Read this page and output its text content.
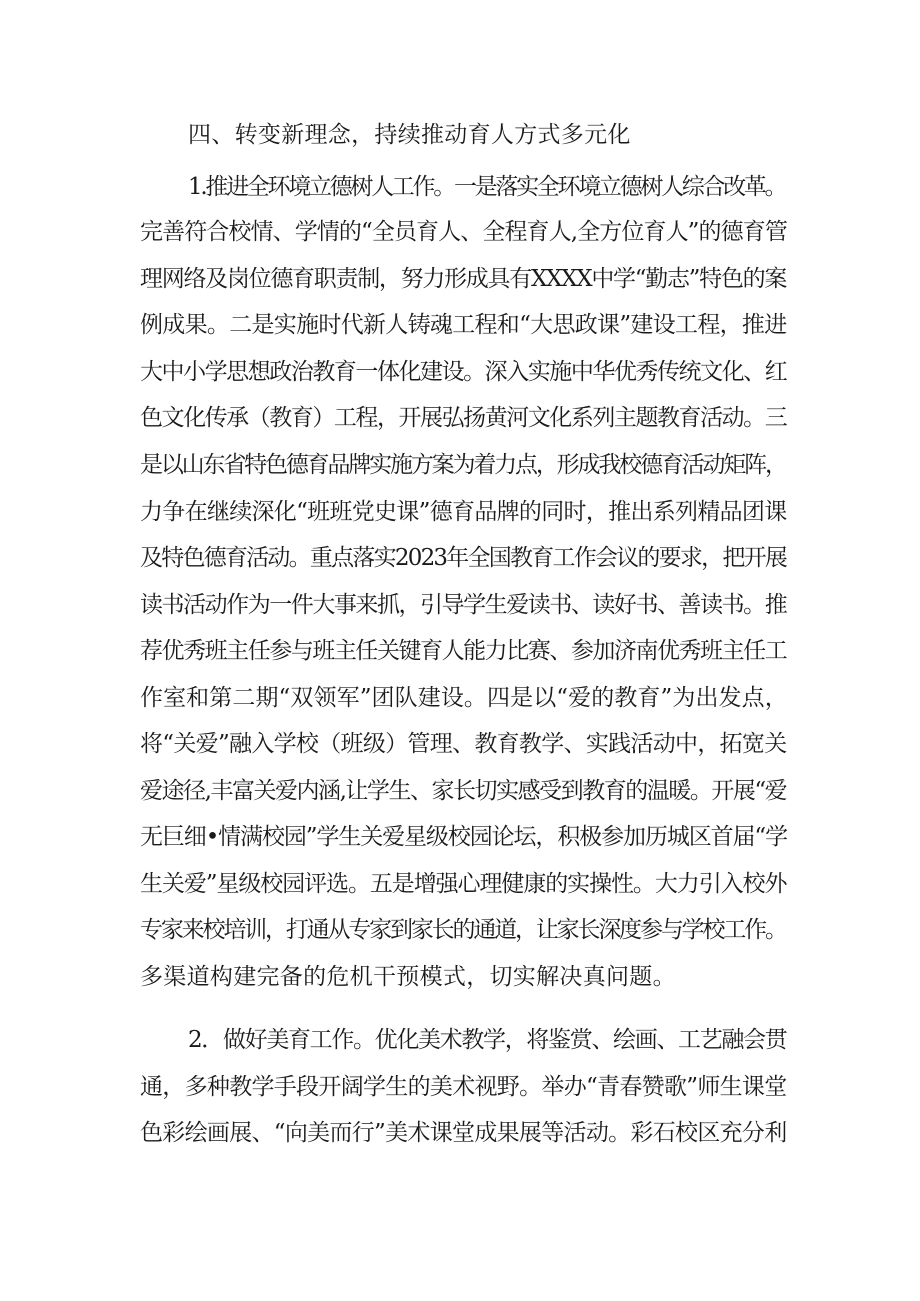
四、转变新理念，持续推动育人方式多元化
1.推进全环境立德树人工作。一是落实全环境立德树人综合改革。
完善符合校情、学情的“全员育人、全程育人,全方位育人”的德育管
理网络及岗位德育职责制，努力形成具有XXXX中学“勤志”特色的案
例成果。二是实施时代新人铸魂工程和“大思政课”建设工程，推进
大中小学思想政治教育一体化建设。深入实施中华优秀传统文化、红
色文化传承（教育）工程，开展弘扬黄河文化系列主题教育活动。三
是以山东省特色德育品牌实施方案为着力点，形成我校德育活动矩阵，
力争在继续深化“班班党史课”德育品牌的同时，推出系列精品团课
及特色德育活动。重点落实2023年全国教育工作会议的要求，把开展
读书活动作为一件大事来抓，引导学生爱读书、读好书、善读书。推
荐优秀班主任参与班主任关键育人能力比赛、参加济南优秀班主任工
作室和第二期“双领军”团队建设。四是以“爱的教育”为出发点，
将“关爱”融入学校（班级）管理、教育教学、实践活动中，拓宽关
爱途径,丰富关爱内涵,让学生、家长切实感受到教育的温暖。开展“爱
无巨细•情满校园”学生关爱星级校园论坛，积极参加历城区首届“学
生关爱”星级校园评选。五是增强心理健康的实操性。大力引入校外
专家来校培训，打通从专家到家长的通道，让家长深度参与学校工作。
多渠道构建完备的危机干预模式，切实解决真问题。
2．做好美育工作。优化美术教学，将鉴赏、绘画、工艺融会贯
通，多种教学手段开阔学生的美术视野。举办“青春赞歌”师生课堂
色彩绘画展、“向美而行”美术课堂成果展等活动。彩石校区充分利
